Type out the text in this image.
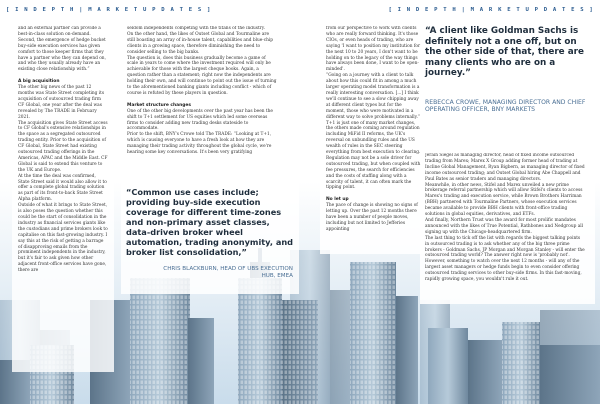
[ I N D E P T H | M A R K E T U P D A T E S ]	[ I N D E P T H | M A R K E T U P D A T E S ]
and an external partner can provide a best-in-class solution on-demand. Second, the emergence of hedge bucket buy-side execution services has given comfort to those keeper firms that they have a partner who they can depend on, and who they usually already have an existing close relationship with.”

A big acquisition
The other big news of the past 12 months was State Street completing its acquisition of outsourced trading firm CF Global, one year after the deal was revealed by The TRADE in February 2021.
The acquisition gives State Street access to CF Global's extensive relationships in the space as a segregated outsourced trading entity. Prior to the acquisition of CF Global, State Street had existing outsourced trading offerings in the Americas, APAC and the Middle East. CF Global is said to extend this venture to the UK and Europe.
At the time the deal was confirmed, State Street said it would also allow it to offer a complete global trading solution as part of its front-to-back State Street Alpha platform.
Outside of what it brings to State Street, is also poses the question whether this could be the start of consolidation in the industry as financial services giants like the custodians and prime brokers look to capitalise on this fast-growing industry. I say this at the risk of getting a barrage of disapproving emails from the prominent independents in the industry, but it's fair to ask given how other adjacent front-office services have gone, there are
seldom independents competing with the titans of the industry.
On the other hand, the likes of Outset Global and Tourmaline are still boasting an array of in-house talent, capabilities and blue-chip clients in a growing space, therefore diminishing the need to consider selling to the big banks.
The question is, does this business gradually become a game of scale in years to come where the investment required will only be achievable for those with the largest cheque books. Again, a question rather than a statement; right now the independents are holding their own, and will continue to point out the issue of turning to the aforementioned banking giants including conflict - which of course is refuted by these players in question.

Market structure changes
One of the other big developments over the past year has been the shift to T+1 settlement for US equities which led some overseas firms to consider adding new trading desks stateside to accommodate.
Prior to the shift, BNY's Crowe told The TRADE: “Looking at T+1, which is causing everyone to have a fresh look at how they are managing their trading activity throughout the global cycle, we're hearing some key conversations. It's been very gratifying
“Common use cases include; providing buy-side execution coverage for different time-zones and non-primary asset classes, data-driven broker wheel automation, trading anonymity, and broker list consolidation,”
CHRIS BLACKBURN, HEAD OF UBS EXECUTION HUB, EMEA
from our perspective to work with clients who are really forward thinking. It's those CIOs, or even heads of trading, who are saying 'I want to position my institution for the next 10 to 20 years, I don't want to be holding on to the legacy of the way things have always been done, I want to be open-minded'.
“Going on a journey with a client to talk about how this could fit in among a much larger operating model transformation is a really interesting conversation. [...] I think we'll continue to see a slow chipping away at different client types but for the moment, those who were motivated in a different way to solve problems internally.”
T+1 is just one of many market changes, the others made coming around regulation including MiFid II reforms, the UK's reversal on unbundling rules and the US wealth of rules in the SEC steering everything from best execution to clearing. Regulation may not be a sole driver for outsourced trading, but when coupled with fee pressures, the search for efficiencies and the costs of staffing along with a scarcity of talent, it can often mark the tipping point.

No let up
The pace of change is showing no signs of letting up. Over the past 12 months there have been a number of people moves, including but not limited to Jefferies appointing
“A client like Goldman Sachs is definitely not a one off, but on the other side of that, there are many clients who are on a journey.”
REBECCA CROWE, MANAGING DIRECTOR AND CHIEF OPERATING OFFICER, BNY MARKETS
Jerain Siegel as managing director, head of fixed income outsourced trading from Marex; Marex X Group adding former head of trading at Incline Global Management, Ryan Bigbern, as managing director of fixed income outsourced trading; and Outset Global hiring Abe Chappell and Paul Bates as senior traders and managing directors.
Meanwhile, in other news, Stifel and Marex unveiled a new prime brokerage referral partnership which will allow Stifel's clients to access Marex's trading and execution service, while Brown Brothers Harriman (BBH) partnered with Tourmaline Partners, whose execution services became available to provide BBH clients with front-office trading solutions in global equities, derivatives, and ETFs.
And finally, Northern Trust was the award for most prolific mandates announced with the likes of True Potential, Rathbones and Nedgroup all signing up with the Chicago-headquartered firm.
The last thing to tick off the list with regards the biggest talking points in outsourced trading is to ask whether any of the big three prime brokers - Goldman Sachs, JP Morgan and Morgan Stanley - will enter the outsourced trading world? The answer right now is 'probably not'.
However, something to watch over the next 12 months - will any of the largest asset managers or hedge funds begin to even consider offering outsourced trading services to other buy-side firms. In this fast-moving, rapidly growing space, you wouldn't rule it out.
